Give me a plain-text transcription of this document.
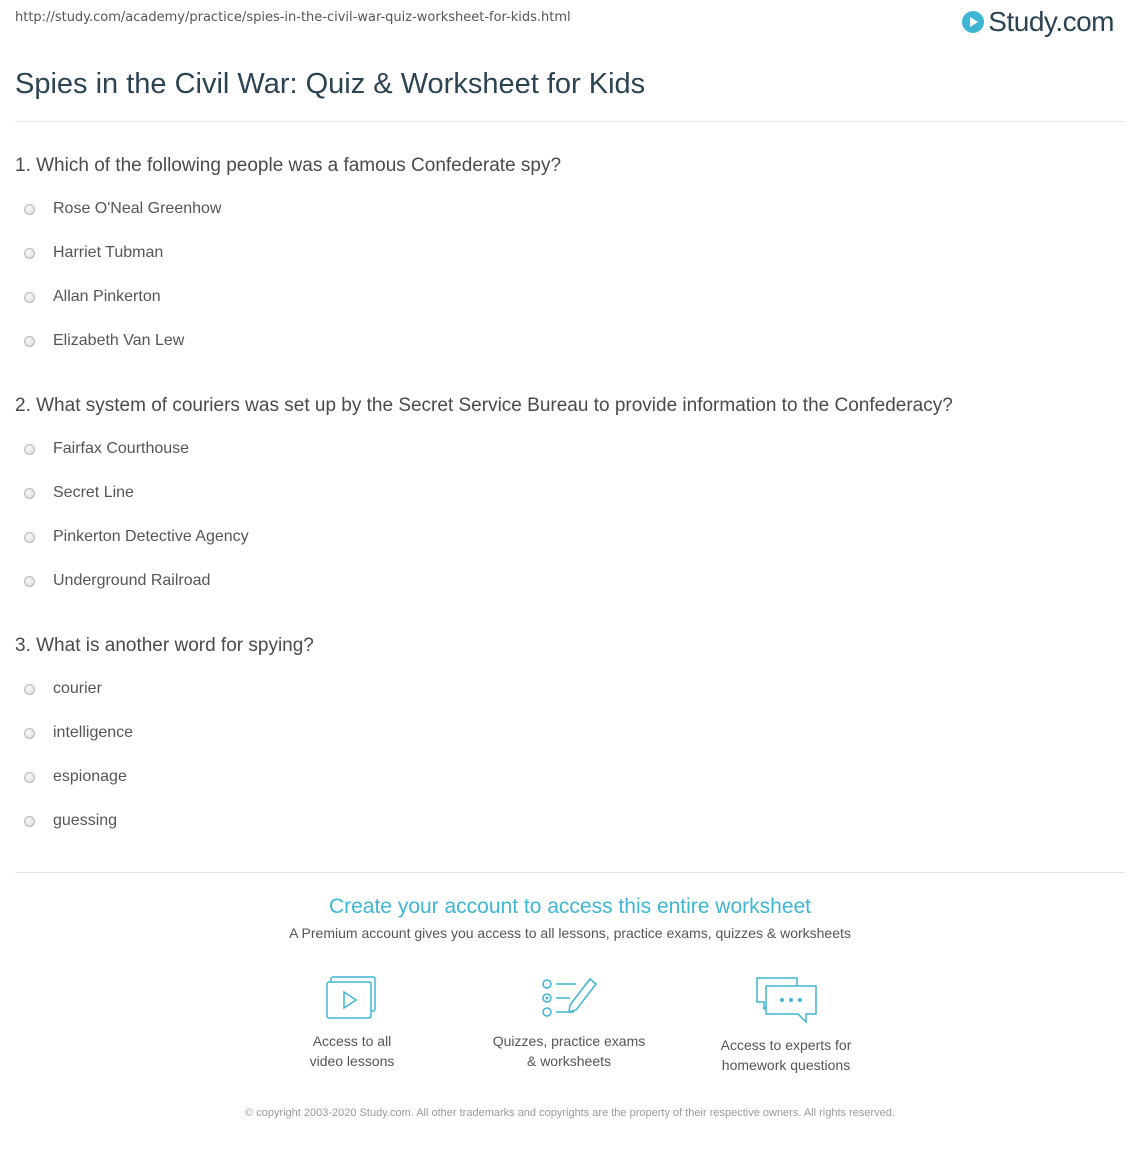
http://study.com/academy/practice/spies-in-the-civil-war-quiz-worksheet-for-kids.html	Study.com
Spies in the Civil War: Quiz & Worksheet for Kids

1. Which of the following people was a famous Confederate spy?

Rose O'Neal Greenhow
Harriet Tubman
Allan Pinkerton
Elizabeth Van Lew

2. What system of couriers was set up by the Secret Service Bureau to provide information to the Confederacy?

Fairfax Courthouse
Secret Line
Pinkerton Detective Agency
Underground Railroad

3. What is another word for spying?

courier
intelligence
espionage
guessing
Create your account to access this entire worksheet
A Premium account gives you access to all lessons, practice exams, quizzes & worksheets
Access to all
video lessons
Quizzes, practice exams
& worksheets
Access to experts for
homework questions
© copyright 2003-2020 Study.com. All other trademarks and copyrights are the property of their respective owners. All rights reserved.
